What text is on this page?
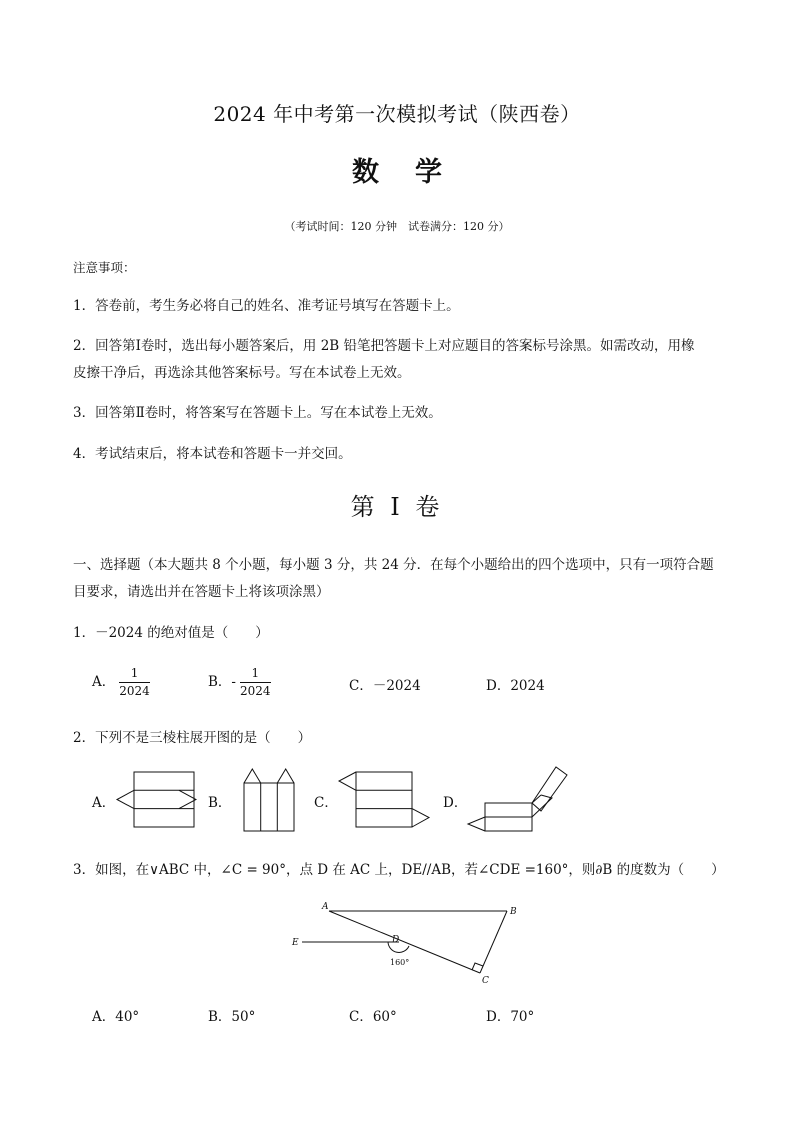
2024 年中考第一次模拟考试（陕西卷）
数学
（考试时间：120 分钟　试卷满分：120 分）
注意事项：
1．答卷前，考生务必将自己的姓名、准考证号填写在答题卡上。
2．回答第Ⅰ卷时，选出每小题答案后，用 2B 铅笔把答题卡上对应题目的答案标号涂黑。如需改动，用橡
皮擦干净后，再选涂其他答案标号。写在本试卷上无效。
3．回答第Ⅱ卷时，将答案写在答题卡上。写在本试卷上无效。
4．考试结束后，将本试卷和答题卡一并交回。
第 I 卷
一、选择题（本大题共 8 个小题，每小题 3 分，共 24 分．在每个小题给出的四个选项中，只有一项符合题
目要求，请选出并在答题卡上将该项涂黑）
1．－2024 的绝对值是（　　）
A． $\frac{1}{2024}$	B．- $\frac{1}{2024}$	C．－2024	D．2024
2．下列不是三棱柱展开图的是（　　）
A．	B．	C．	D．
3．如图，在∨ABC 中，∠C = 90°，点 D 在 AC 上，DE//AB，若∠CDE =160°，则∂B 的度数为（　　）
A	B
C
D
E
160°
A．40°	B．50°	C．60°	D．70°
